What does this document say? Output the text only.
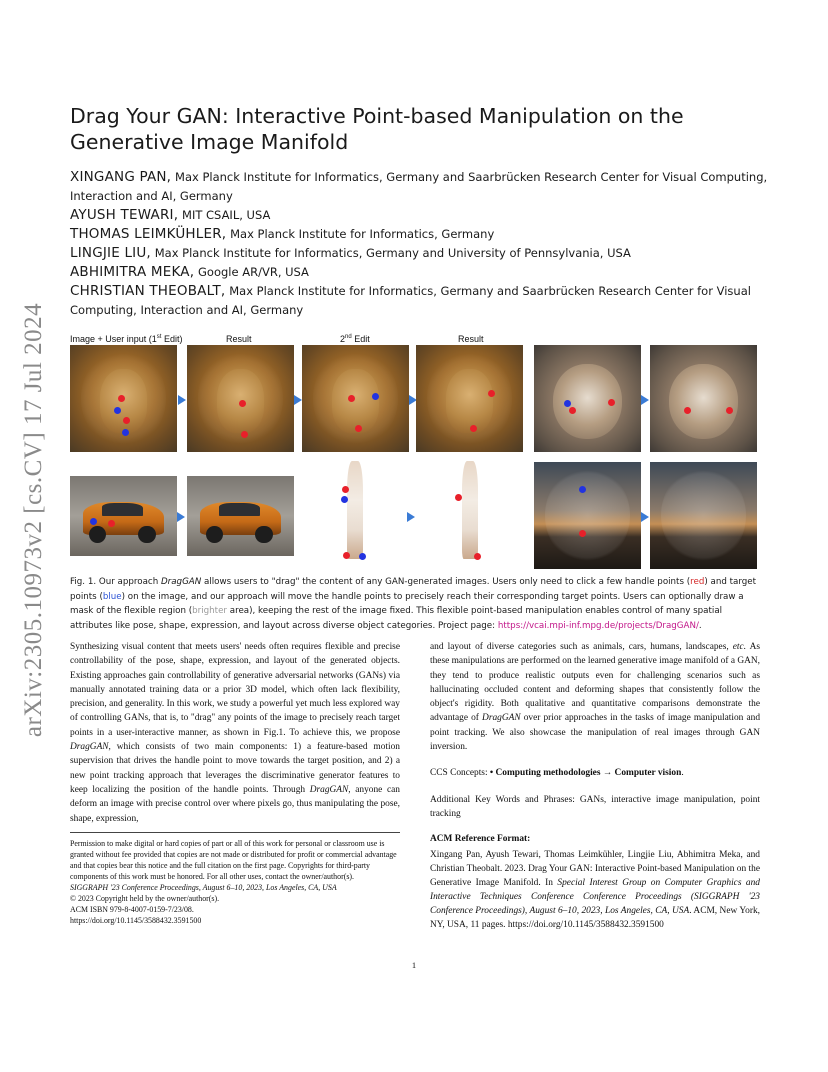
arXiv:2305.10973v2 [cs.CV] 17 Jul 2024
Drag Your GAN: Interactive Point-based Manipulation on the Generative Image Manifold
XINGANG PAN, Max Planck Institute for Informatics, Germany and Saarbrücken Research Center for Visual Computing, Interaction and AI, Germany
AYUSH TEWARI, MIT CSAIL, USA
THOMAS LEIMKÜHLER, Max Planck Institute for Informatics, Germany
LINGJIE LIU, Max Planck Institute for Informatics, Germany and University of Pennsylvania, USA
ABHIMITRA MEKA, Google AR/VR, USA
CHRISTIAN THEOBALT, Max Planck Institute for Informatics, Germany and Saarbrücken Research Center for Visual Computing, Interaction and AI, Germany
Image + User input (1st Edit)	Result	2nd Edit	Result

Fig. 1. Our approach DragGAN allows users to "drag" the content of any GAN-generated images. Users only need to click a few handle points (red) and target points (blue) on the image, and our approach will move the handle points to precisely reach their corresponding target points. Users can optionally draw a mask of the flexible region (brighter area), keeping the rest of the image fixed. This flexible point-based manipulation enables control of many spatial attributes like pose, shape, expression, and layout across diverse object categories. Project page: https://vcai.mpi-inf.mpg.de/projects/DragGAN/.

Synthesizing visual content that meets users' needs often requires flexible and precise controllability of the pose, shape, expression, and layout of the generated objects. Existing approaches gain controllability of generative adversarial networks (GANs) via manually annotated training data or a prior 3D model, which often lack flexibility, precision, and generality. In this work, we study a powerful yet much less explored way of controlling GANs, that is, to "drag" any points of the image to precisely reach target points in a user-interactive manner, as shown in Fig.1. To achieve this, we propose DragGAN, which consists of two main components: 1) a feature-based motion supervision that drives the handle point to move towards the target position, and 2) a new point tracking approach that leverages the discriminative generator features to keep localizing the position of the handle points. Through DragGAN, anyone can deform an image with precise control over where pixels go, thus manipulating the pose, shape, expression,

and layout of diverse categories such as animals, cars, humans, landscapes, etc. As these manipulations are performed on the learned generative image manifold of a GAN, they tend to produce realistic outputs even for challenging scenarios such as hallucinating occluded content and deforming shapes that consistently follow the object's rigidity. Both qualitative and quantitative comparisons demonstrate the advantage of DragGAN over prior approaches in the tasks of image manipulation and point tracking. We also showcase the manipulation of real images through GAN inversion.

CCS Concepts: • Computing methodologies → Computer vision.

Additional Key Words and Phrases: GANs, interactive image manipulation, point tracking

Permission to make digital or hard copies of part or all of this work for personal or classroom use is granted without fee provided that copies are not made or distributed for profit or commercial advantage and that copies bear this notice and the full citation on the first page. Copyrights for third-party components of this work must be honored. For all other uses, contact the owner/author(s).

SIGGRAPH '23 Conference Proceedings, August 6–10, 2023, Los Angeles, CA, USA

© 2023 Copyright held by the owner/author(s).

ACM ISBN 979-8-4007-0159-7/23/08.

https://doi.org/10.1145/3588432.3591500

ACM Reference Format:

Xingang Pan, Ayush Tewari, Thomas Leimkühler, Lingjie Liu, Abhimitra Meka, and Christian Theobalt. 2023. Drag Your GAN: Interactive Point-based Manipulation on the Generative Image Manifold. In Special Interest Group on Computer Graphics and Interactive Techniques Conference Conference Proceedings (SIGGRAPH '23 Conference Proceedings), August 6–10, 2023, Los Angeles, CA, USA. ACM, New York, NY, USA, 11 pages. https://doi.org/10.1145/3588432.3591500

1
